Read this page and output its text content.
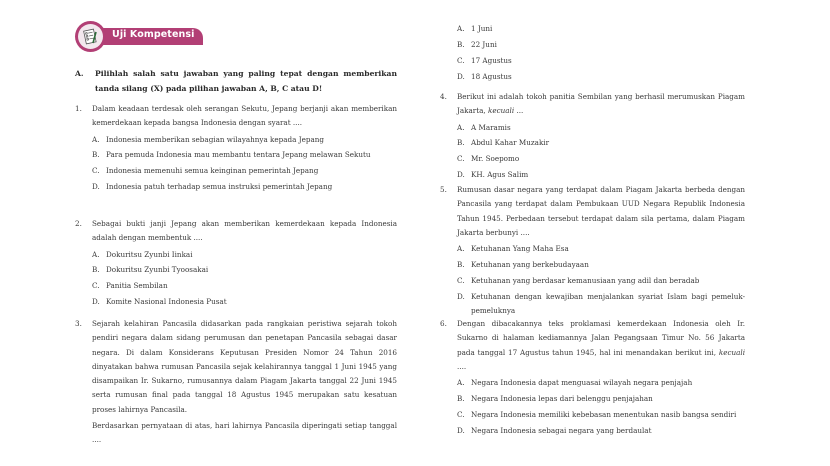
Uji Kompetensi
A.	Pilihlah salah satu jawaban yang paling tepat dengan memberikan tanda silang (X) pada pilihan jawaban A, B, C atau D!
1.	Dalam keadaan terdesak oleh serangan Sekutu, Jepang berjanji akan memberikan kemerdekaan kepada bangsa Indonesia dengan syarat ....

A. Indonesia memberikan sebagian wilayahnya kepada Jepang
B. Para pemuda Indonesia mau membantu tentara Jepang melawan Sekutu
C. Indonesia memenuhi semua keinginan pemerintah Jepang
D. Indonesia patuh terhadap semua instruksi pemerintah Jepang
2.	Sebagai bukti janji Jepang akan memberikan kemerdekaan kepada Indonesia adalah dengan membentuk ....

A. Dokuritsu Zyunbi Iinkai
B. Dokuritsu Zyunbi Tyoosakai
C. Panitia Sembilan
D. Komite Nasional Indonesia Pusat
3.	Sejarah kelahiran Pancasila didasarkan pada rangkaian peristiwa sejarah tokoh pendiri negara dalam sidang perumusan dan penetapan Pancasila sebagai dasar negara. Di dalam Konsiderans Keputusan Presiden Nomor 24 Tahun 2016 dinyatakan bahwa rumusan Pancasila sejak kelahirannya tanggal 1 Juni 1945 yang disampaikan Ir. Sukarno, rumusannya dalam Piagam Jakarta tanggal 22 Juni 1945 serta rumusan final pada tanggal 18 Agustus 1945 merupakan satu kesatuan proses lahirnya Pancasila.

Berdasarkan pernyataan di atas, hari lahirnya Pancasila diperingati setiap tanggal ....

A. 1 Juni
B. 22 Juni
C. 17 Agustus
D. 18 Agustus
4.	Berikut ini adalah tokoh panitia Sembilan yang berhasil merumuskan Piagam Jakarta, kecuali ...

A. A Maramis
B. Abdul Kahar Muzakir
C. Mr. Soepomo
D. KH. Agus Salim
5.	Rumusan dasar negara yang terdapat dalam Piagam Jakarta berbeda dengan Pancasila yang terdapat dalam Pembukaan UUD Negara Republik Indonesia Tahun 1945. Perbedaan tersebut terdapat dalam sila pertama, dalam Piagam Jakarta berbunyi ....

A. Ketuhanan Yang Maha Esa
B. Ketuhanan yang berkebudayaan
C. Ketuhanan yang berdasar kemanusiaan yang adil dan beradab
D. Ketuhanan dengan kewajiban menjalankan syariat Islam bagi pemeluk-pemeluknya
6.	Dengan dibacakannya teks proklamasi kemerdekaan Indonesia oleh Ir. Sukarno di halaman kediamannya Jalan Pegangsaan Timur No. 56 Jakarta pada tanggal 17 Agustus tahun 1945, hal ini menandakan berikut ini, kecuali ....

A. Negara Indonesia dapat menguasai wilayah negara penjajah
B. Negara Indonesia lepas dari belenggu penjajahan
C. Negara Indonesia memiliki kebebasan menentukan nasib bangsa sendiri
D. Negara Indonesia sebagai negara yang berdaulat
